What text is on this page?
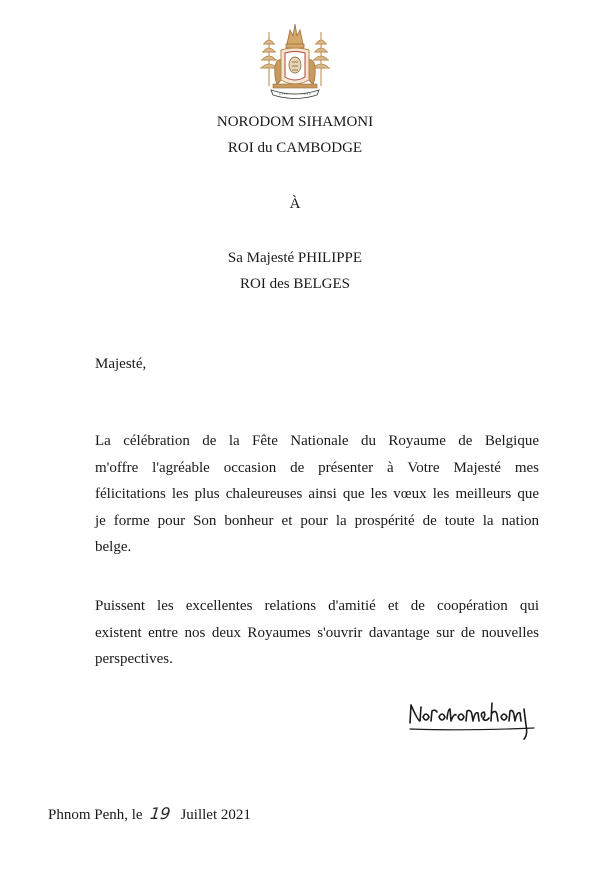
NORODOM SIHAMONI
ROI du CAMBODGE
À
Sa Majesté PHILIPPE
ROI des BELGES
Majesté,
La célébration de la Fête Nationale du Royaume de Belgique
m'offre l'agréable occasion de présenter à Votre Majesté mes
félicitations les plus chaleureuses ainsi que les vœux les meilleurs que
je forme pour Son bonheur et pour la prospérité de toute la nation
belge.
Puissent les excellentes relations d'amitié et de coopération qui
existent entre nos deux Royaumes s'ouvrir davantage sur de nouvelles
perspectives.
Phnom Penh, le 19 Juillet 2021
